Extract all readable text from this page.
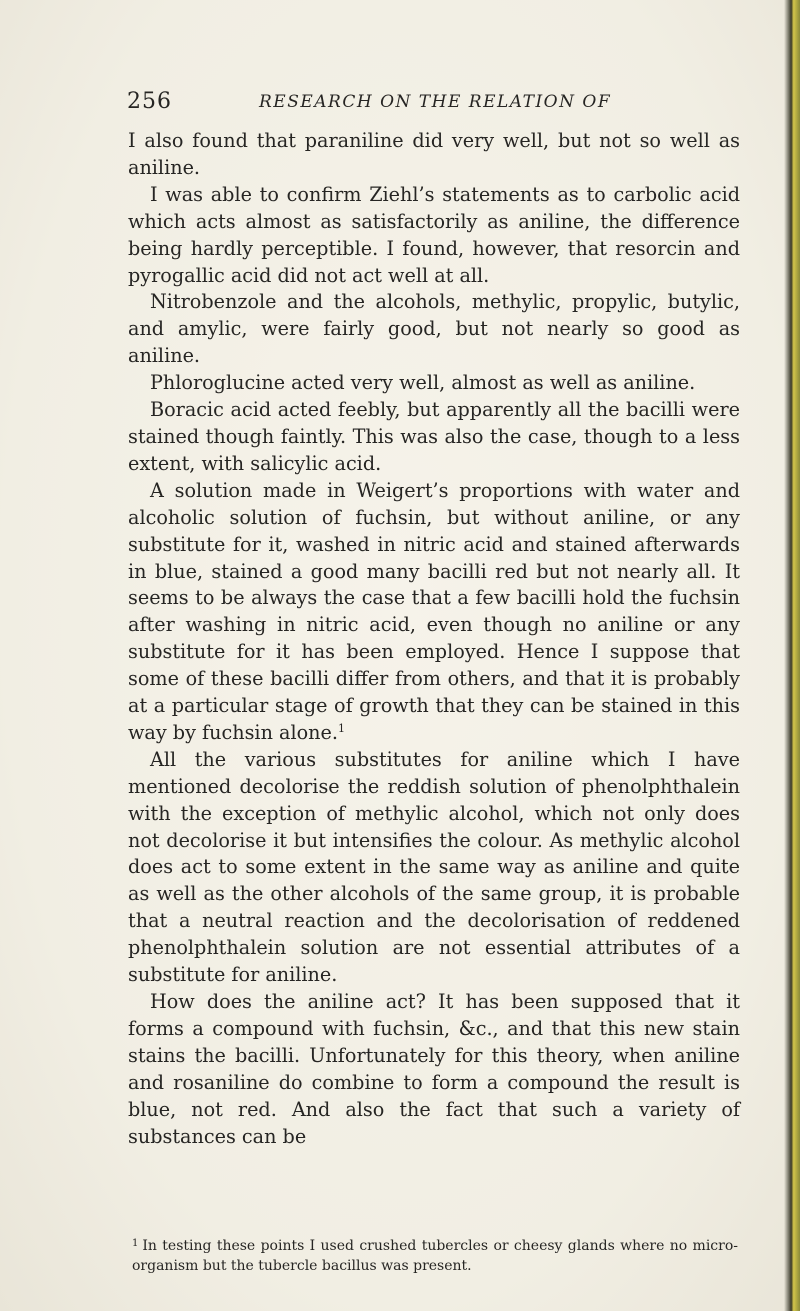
256	RESEARCH ON THE RELATION OF

I also found that paraniline did very well, but not so well as aniline.

I was able to confirm Ziehl’s statements as to carbolic acid which acts almost as satisfactorily as aniline, the difference being hardly perceptible. I found, however, that resorcin and pyrogallic acid did not act well at all.

Nitrobenzole and the alcohols, methylic, propylic, butylic, and amylic, were fairly good, but not nearly so good as aniline.

Phloroglucine acted very well, almost as well as aniline.

Boracic acid acted feebly, but apparently all the bacilli were stained though faintly. This was also the case, though to a less extent, with salicylic acid.

A solution made in Weigert’s proportions with water and alcoholic solution of fuchsin, but without aniline, or any substitute for it, washed in nitric acid and stained afterwards in blue, stained a good many bacilli red but not nearly all. It seems to be always the case that a few bacilli hold the fuchsin after washing in nitric acid, even though no aniline or any substitute for it has been employed. Hence I suppose that some of these bacilli differ from others, and that it is probably at a particular stage of growth that they can be stained in this way by fuchsin alone.$^1$

All the various substitutes for aniline which I have mentioned decolorise the reddish solution of phenolphthalein with the exception of methylic alcohol, which not only does not decolorise it but intensifies the colour. As methylic alcohol does act to some extent in the same way as aniline and quite as well as the other alcohols of the same group, it is probable that a neutral reaction and the decolorisation of reddened phenolphthalein solution are not essential attributes of a substitute for aniline.

How does the aniline act? It has been supposed that it forms a compound with fuchsin, &c., and that this new stain stains the bacilli. Unfortunately for this theory, when aniline and rosaniline do combine to form a compound the result is blue, not red. And also the fact that such a variety of substances can be

$^1$ In testing these points I used crushed tubercles or cheesy glands where no micro-organism but the tubercle bacillus was present.
